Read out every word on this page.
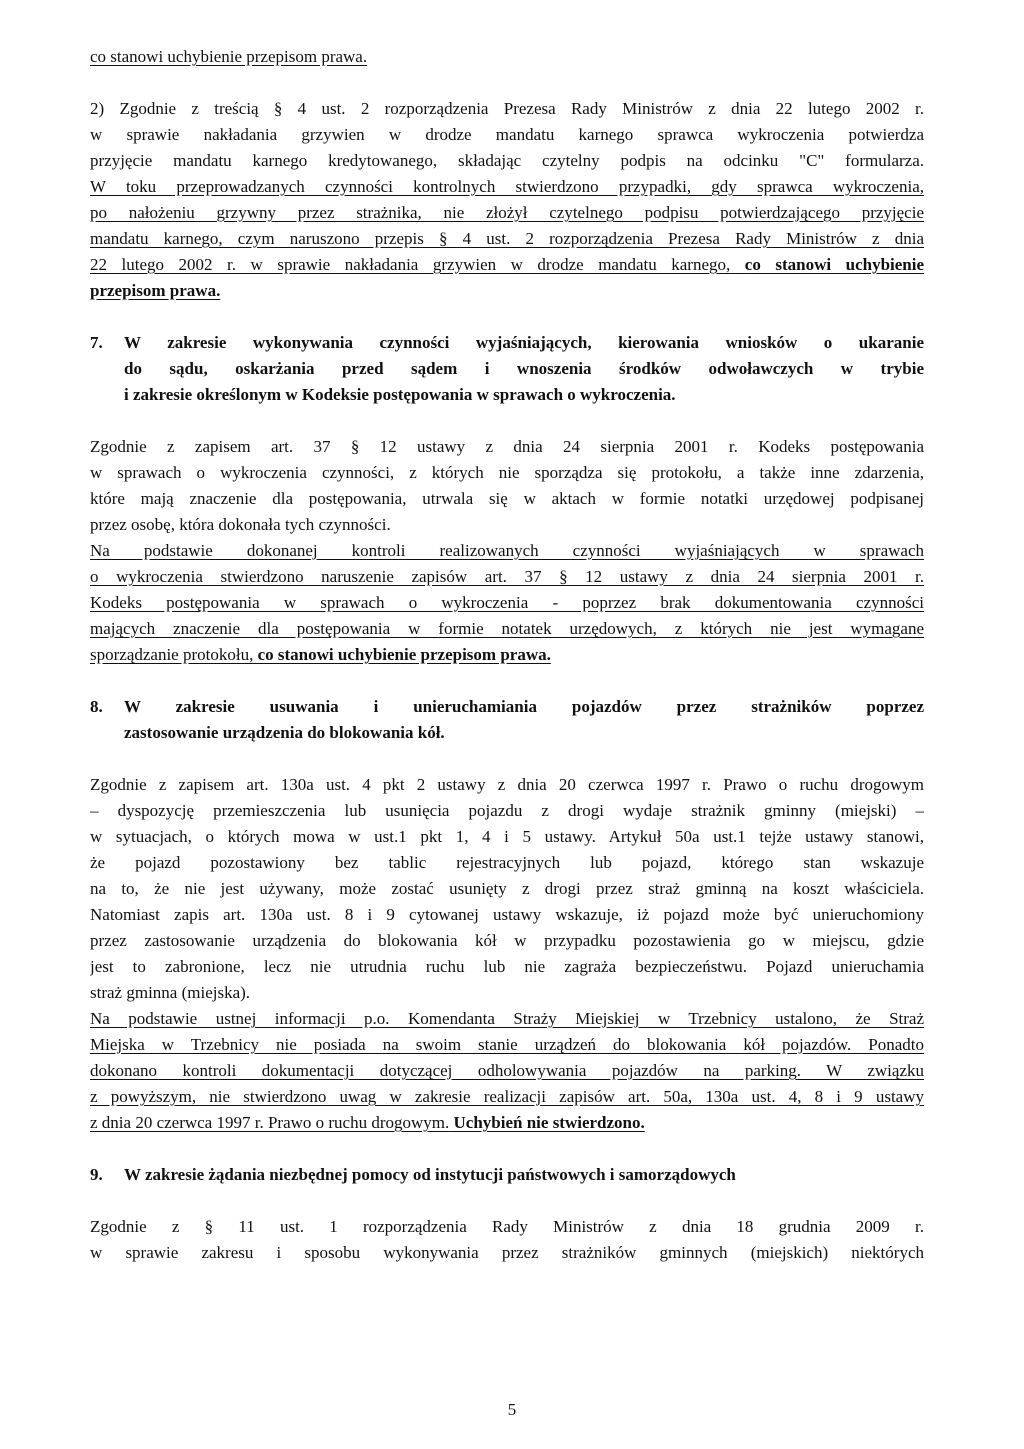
co stanowi uchybienie przepisom prawa.
2) Zgodnie z treścią § 4 ust. 2 rozporządzenia Prezesa Rady Ministrów z dnia 22 lutego 2002 r.
w sprawie nakładania grzywien w drodze mandatu karnego sprawca wykroczenia potwierdza
przyjęcie mandatu karnego kredytowanego, składając czytelny podpis na odcinku "C" formularza.
W toku przeprowadzanych czynności kontrolnych stwierdzono przypadki, gdy sprawca wykroczenia,
po nałożeniu grzywny przez strażnika, nie złożył czytelnego podpisu potwierdzającego przyjęcie
mandatu karnego, czym naruszono przepis § 4 ust. 2 rozporządzenia Prezesa Rady Ministrów z dnia
22 lutego 2002 r. w sprawie nakładania grzywien w drodze mandatu karnego, co stanowi uchybienie
przepisom prawa.
7. W zakresie wykonywania czynności wyjaśniających, kierowania wniosków o ukaranie
do sądu, oskarżania przed sądem i wnoszenia środków odwoławczych w trybie
i zakresie określonym w Kodeksie postępowania w sprawach o wykroczenia.
Zgodnie z zapisem art. 37 § 12 ustawy z dnia 24 sierpnia 2001 r. Kodeks postępowania
w sprawach o wykroczenia czynności, z których nie sporządza się protokołu, a także inne zdarzenia,
które mają znaczenie dla postępowania, utrwala się w aktach w formie notatki urzędowej podpisanej
przez osobę, która dokonała tych czynności.
Na podstawie dokonanej kontroli realizowanych czynności wyjaśniających w sprawach
o wykroczenia stwierdzono naruszenie zapisów art. 37 § 12 ustawy z dnia 24 sierpnia 2001 r.
Kodeks postępowania w sprawach o wykroczenia - poprzez brak dokumentowania czynności
mających znaczenie dla postępowania w formie notatek urzędowych, z których nie jest wymagane
sporządzanie protokołu, co stanowi uchybienie przepisom prawa.
8. W zakresie usuwania i unieruchamiania pojazdów przez strażników poprzez
zastosowanie urządzenia do blokowania kół.
Zgodnie z zapisem art. 130a ust. 4 pkt 2 ustawy z dnia 20 czerwca 1997 r. Prawo o ruchu drogowym
– dyspozycję przemieszczenia lub usunięcia pojazdu z drogi wydaje strażnik gminny (miejski) –
w sytuacjach, o których mowa w ust.1 pkt 1, 4 i 5 ustawy. Artykuł 50a ust.1 tejże ustawy stanowi,
że pojazd pozostawiony bez tablic rejestracyjnych lub pojazd, którego stan wskazuje
na to, że nie jest używany, może zostać usunięty z drogi przez straż gminną na koszt właściciela.
Natomiast zapis art. 130a ust. 8 i 9 cytowanej ustawy wskazuje, iż pojazd może być unieruchomiony
przez zastosowanie urządzenia do blokowania kół w przypadku pozostawienia go w miejscu, gdzie
jest to zabronione, lecz nie utrudnia ruchu lub nie zagraża bezpieczeństwu. Pojazd unieruchamia
straż gminna (miejska).
Na podstawie ustnej informacji p.o. Komendanta Straży Miejskiej w Trzebnicy ustalono, że Straż
Miejska w Trzebnicy nie posiada na swoim stanie urządzeń do blokowania kół pojazdów. Ponadto
dokonano kontroli dokumentacji dotyczącej odholowywania pojazdów na parking. W związku
z powyższym, nie stwierdzono uwag w zakresie realizacji zapisów art. 50a, 130a ust. 4, 8 i 9 ustawy
z dnia 20 czerwca 1997 r. Prawo o ruchu drogowym. Uchybień nie stwierdzono.
9. W zakresie żądania niezbędnej pomocy od instytucji państwowych i samorządowych
Zgodnie z § 11 ust. 1 rozporządzenia Rady Ministrów z dnia 18 grudnia 2009 r.
w sprawie zakresu i sposobu wykonywania przez strażników gminnych (miejskich) niektórych
5
